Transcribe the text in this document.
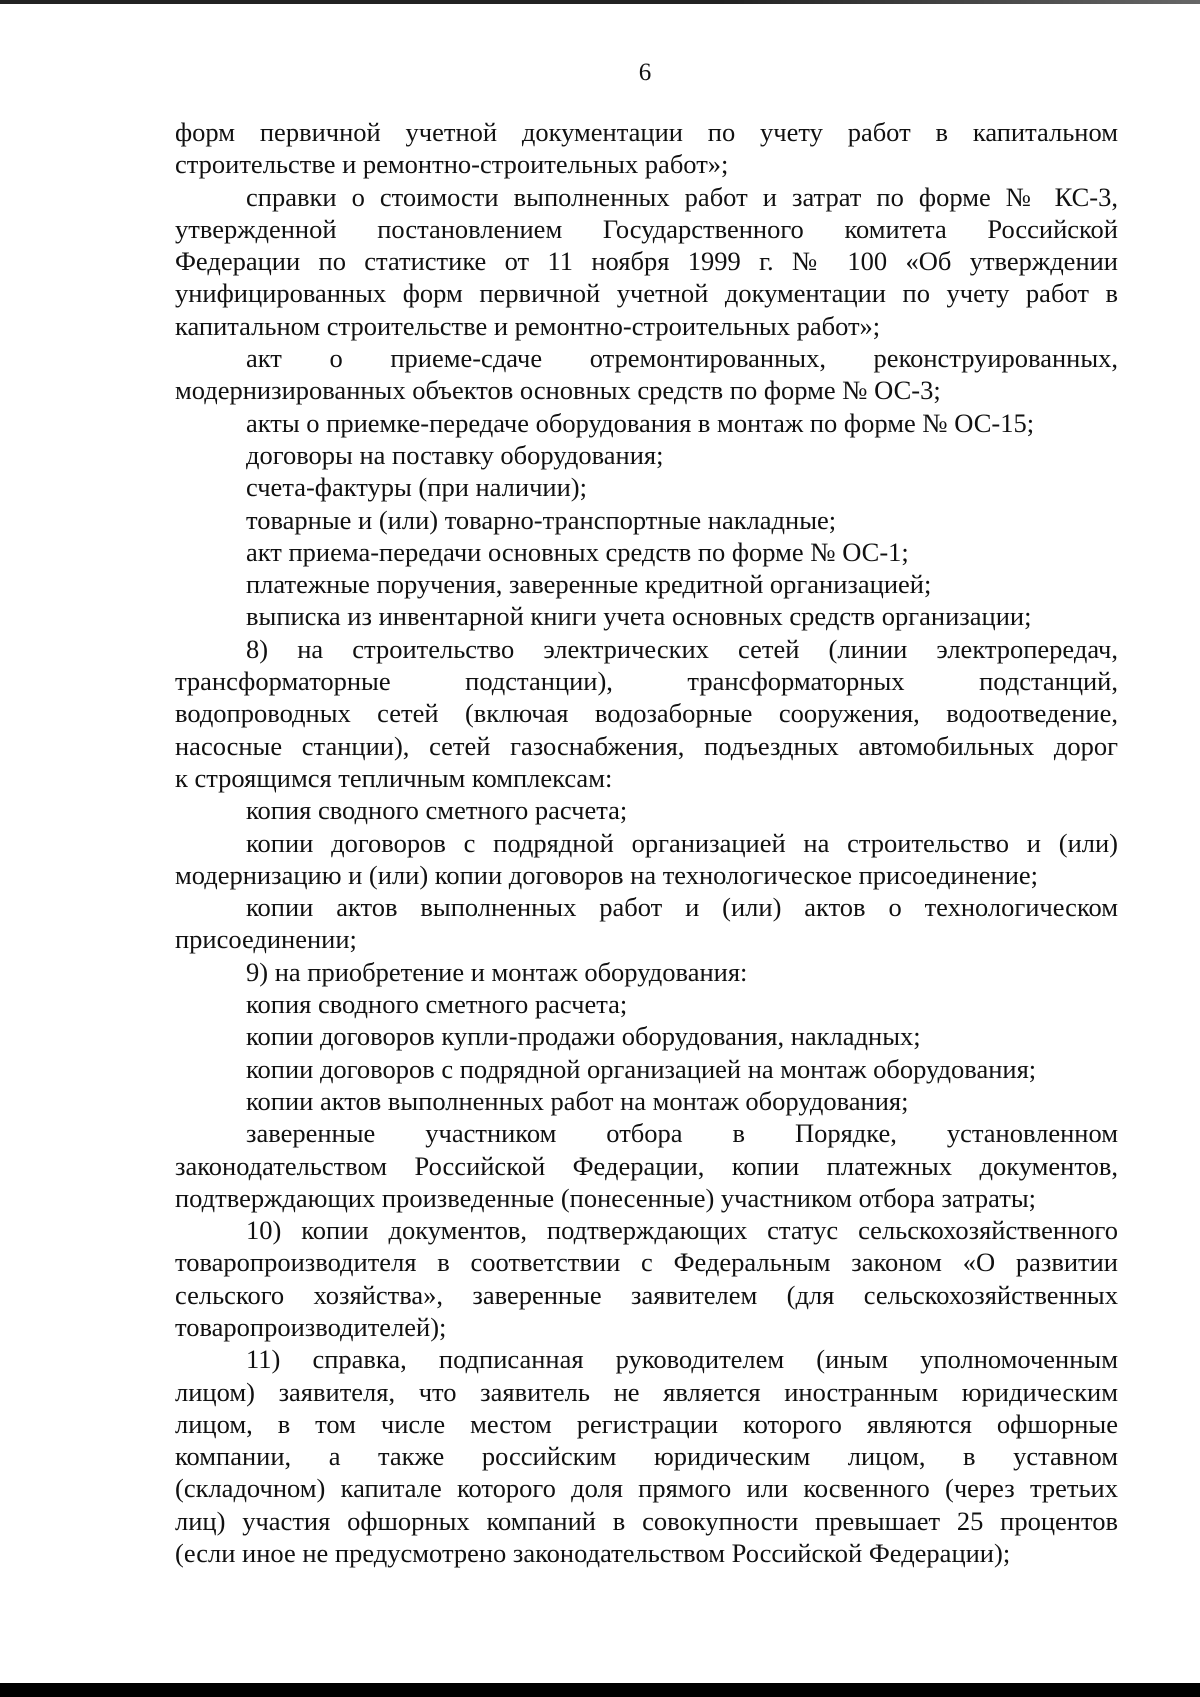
6
форм первичной учетной документации по учету работ в капитальном
строительстве и ремонтно-строительных работ»;
справки о стоимости выполненных работ и затрат по форме № КС-3,
утвержденной постановлением Государственного комитета Российской
Федерации по статистике от 11 ноября 1999 г. № 100 «Об утверждении
унифицированных форм первичной учетной документации по учету работ в
капитальном строительстве и ремонтно-строительных работ»;
акт о приеме-сдаче отремонтированных, реконструированных,
модернизированных объектов основных средств по форме № ОС-3;
акты о приемке-передаче оборудования в монтаж по форме № ОС-15;
договоры на поставку оборудования;
счета-фактуры (при наличии);
товарные и (или) товарно-транспортные накладные;
акт приема-передачи основных средств по форме № ОС-1;
платежные поручения, заверенные кредитной организацией;
выписка из инвентарной книги учета основных средств организации;
8) на строительство электрических сетей (линии электропередач,
трансформаторные подстанции), трансформаторных подстанций,
водопроводных сетей (включая водозаборные сооружения, водоотведение,
насосные станции), сетей газоснабжения, подъездных автомобильных дорог
к строящимся тепличным комплексам:
копия сводного сметного расчета;
копии договоров с подрядной организацией на строительство и (или)
модернизацию и (или) копии договоров на технологическое присоединение;
копии актов выполненных работ и (или) актов о технологическом
присоединении;
9) на приобретение и монтаж оборудования:
копия сводного сметного расчета;
копии договоров купли-продажи оборудования, накладных;
копии договоров с подрядной организацией на монтаж оборудования;
копии актов выполненных работ на монтаж оборудования;
заверенные участником отбора в Порядке, установленном
законодательством Российской Федерации, копии платежных документов,
подтверждающих произведенные (понесенные) участником отбора затраты;
10) копии документов, подтверждающих статус сельскохозяйственного
товаропроизводителя в соответствии с Федеральным законом «О развитии
сельского хозяйства», заверенные заявителем (для сельскохозяйственных
товаропроизводителей);
11) справка, подписанная руководителем (иным уполномоченным
лицом) заявителя, что заявитель не является иностранным юридическим
лицом, в том числе местом регистрации которого являются офшорные
компании, а также российским юридическим лицом, в уставном
(складочном) капитале которого доля прямого или косвенного (через третьих
лиц) участия офшорных компаний в совокупности превышает 25 процентов
(если иное не предусмотрено законодательством Российской Федерации);
